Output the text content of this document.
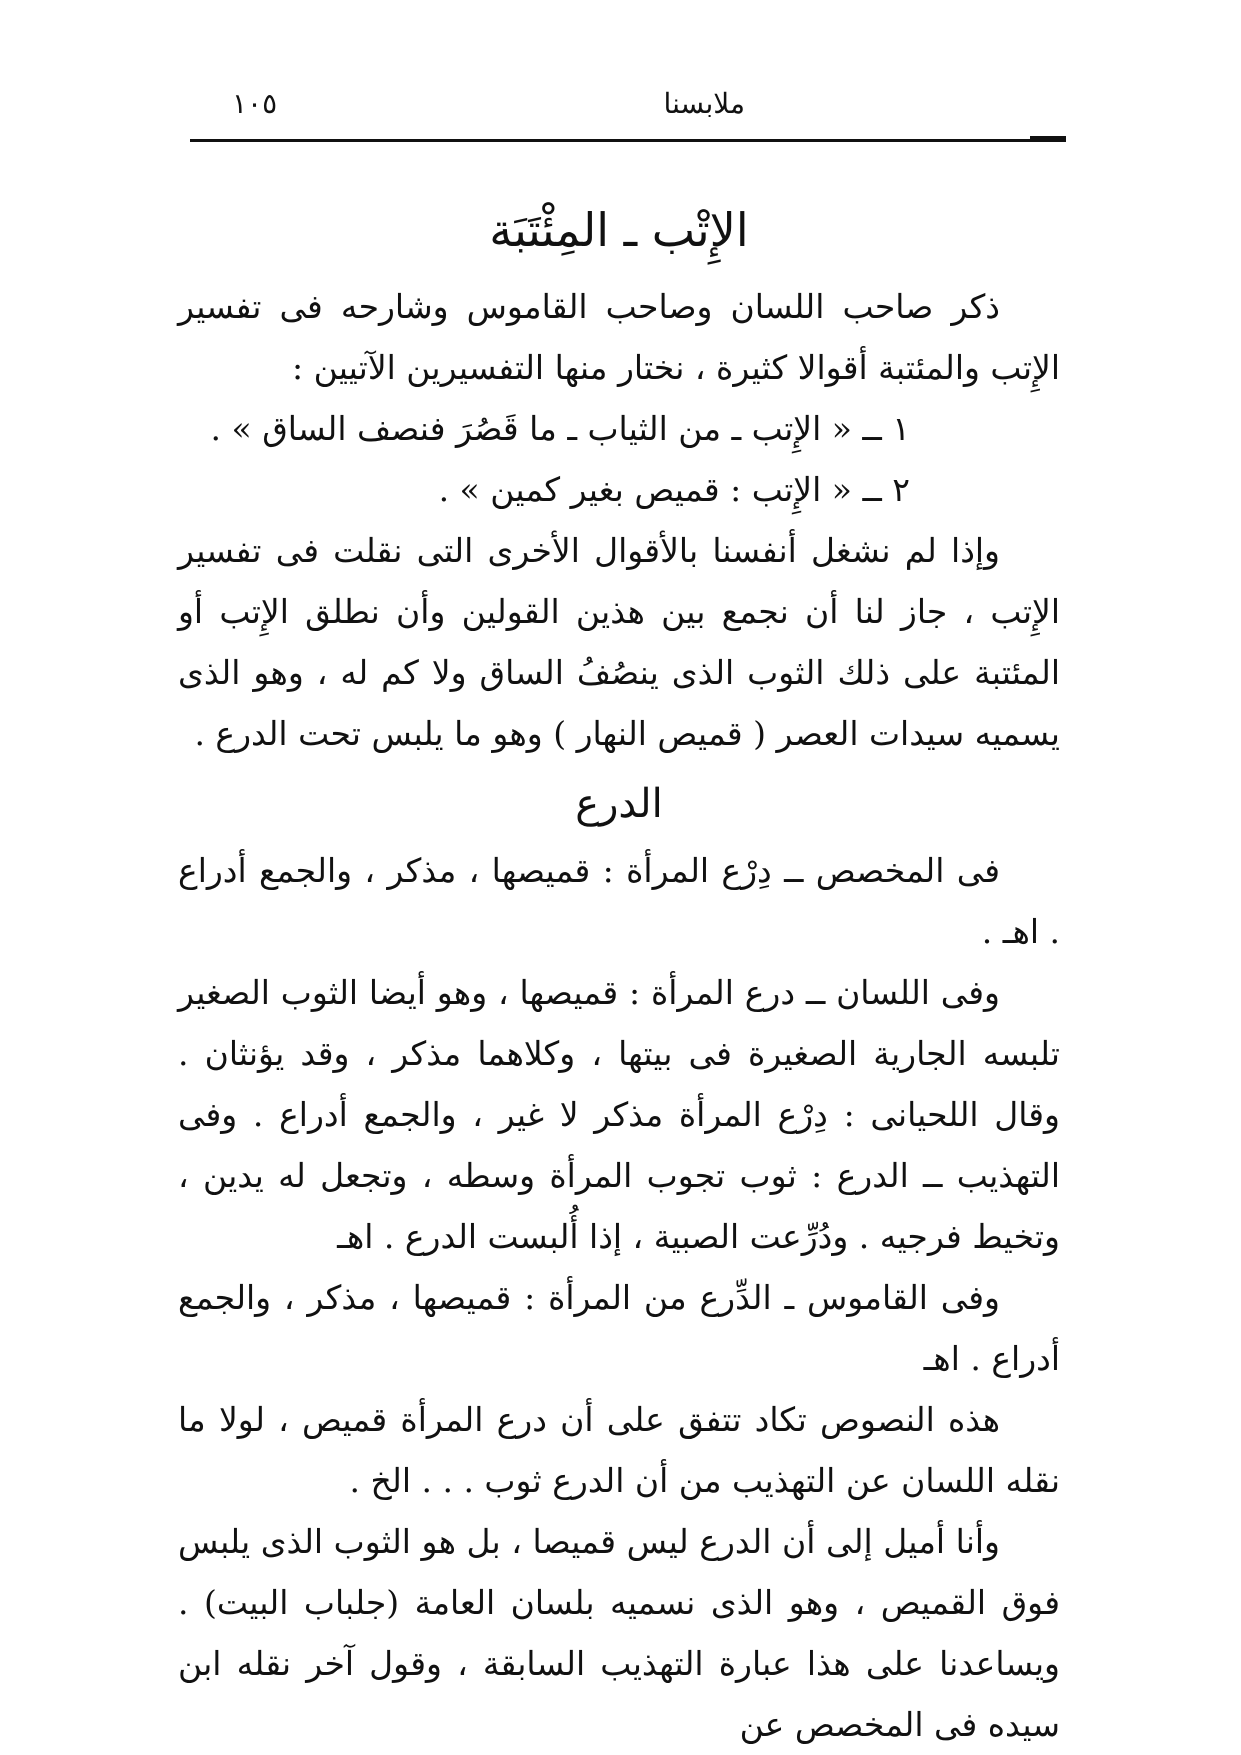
ملابسنا
١٠٥
الإِتْب ـ المِئْتَبَة

ذكر صاحب اللسان وصاحب القاموس وشارحه فى تفسير الإِتب والمئتبة أقوالا كثيرة ، نختار منها التفسيرين الآتيين :

١ ــ « الإِتب ـ من الثياب ـ ما قَصُرَ فنصف الساق » .

٢ ــ « الإِتب : قميص بغير كمين » .

وإذا لم نشغل أنفسنا بالأقوال الأخرى التى نقلت فى تفسير الإِتب ، جاز لنا أن نجمع بين هذين القولين وأن نطلق الإِتب أو المئتبة على ذلك الثوب الذى ينصُفُ الساق ولا كم له ، وهو الذى يسميه سيدات العصر ( قميص النهار ) وهو ما يلبس تحت الدرع .

الدرع

فى المخصص ــ دِرْع المرأة : قميصها ، مذكر ، والجمع أدراع . اهـ .

وفى اللسان ــ درع المرأة : قميصها ، وهو أيضا الثوب الصغير تلبسه الجارية الصغيرة فى بيتها ، وكلاهما مذكر ، وقد يؤنثان . وقال اللحيانى : دِرْع المرأة مذكر لا غير ، والجمع أدراع . وفى التهذيب ــ الدرع : ثوب تجوب المرأة وسطه ، وتجعل له يدين ، وتخيط فرجيه . ودُرِّعت الصبية ، إذا أُلبست الدرع . اهـ

وفى القاموس ـ الدِّرع من المرأة : قميصها ، مذكر ، والجمع أدراع . اهـ

هذه النصوص تكاد تتفق على أن درع المرأة قميص ، لولا ما نقله اللسان عن التهذيب من أن الدرع ثوب . . . الخ .

وأنا أميل إلى أن الدرع ليس قميصا ، بل هو الثوب الذى يلبس فوق القميص ، وهو الذى نسميه بلسان العامة (جلباب البيت) . ويساعدنا على هذا عبارة التهذيب السابقة ، وقول آخر نقله ابن سيده فى المخصص عن
